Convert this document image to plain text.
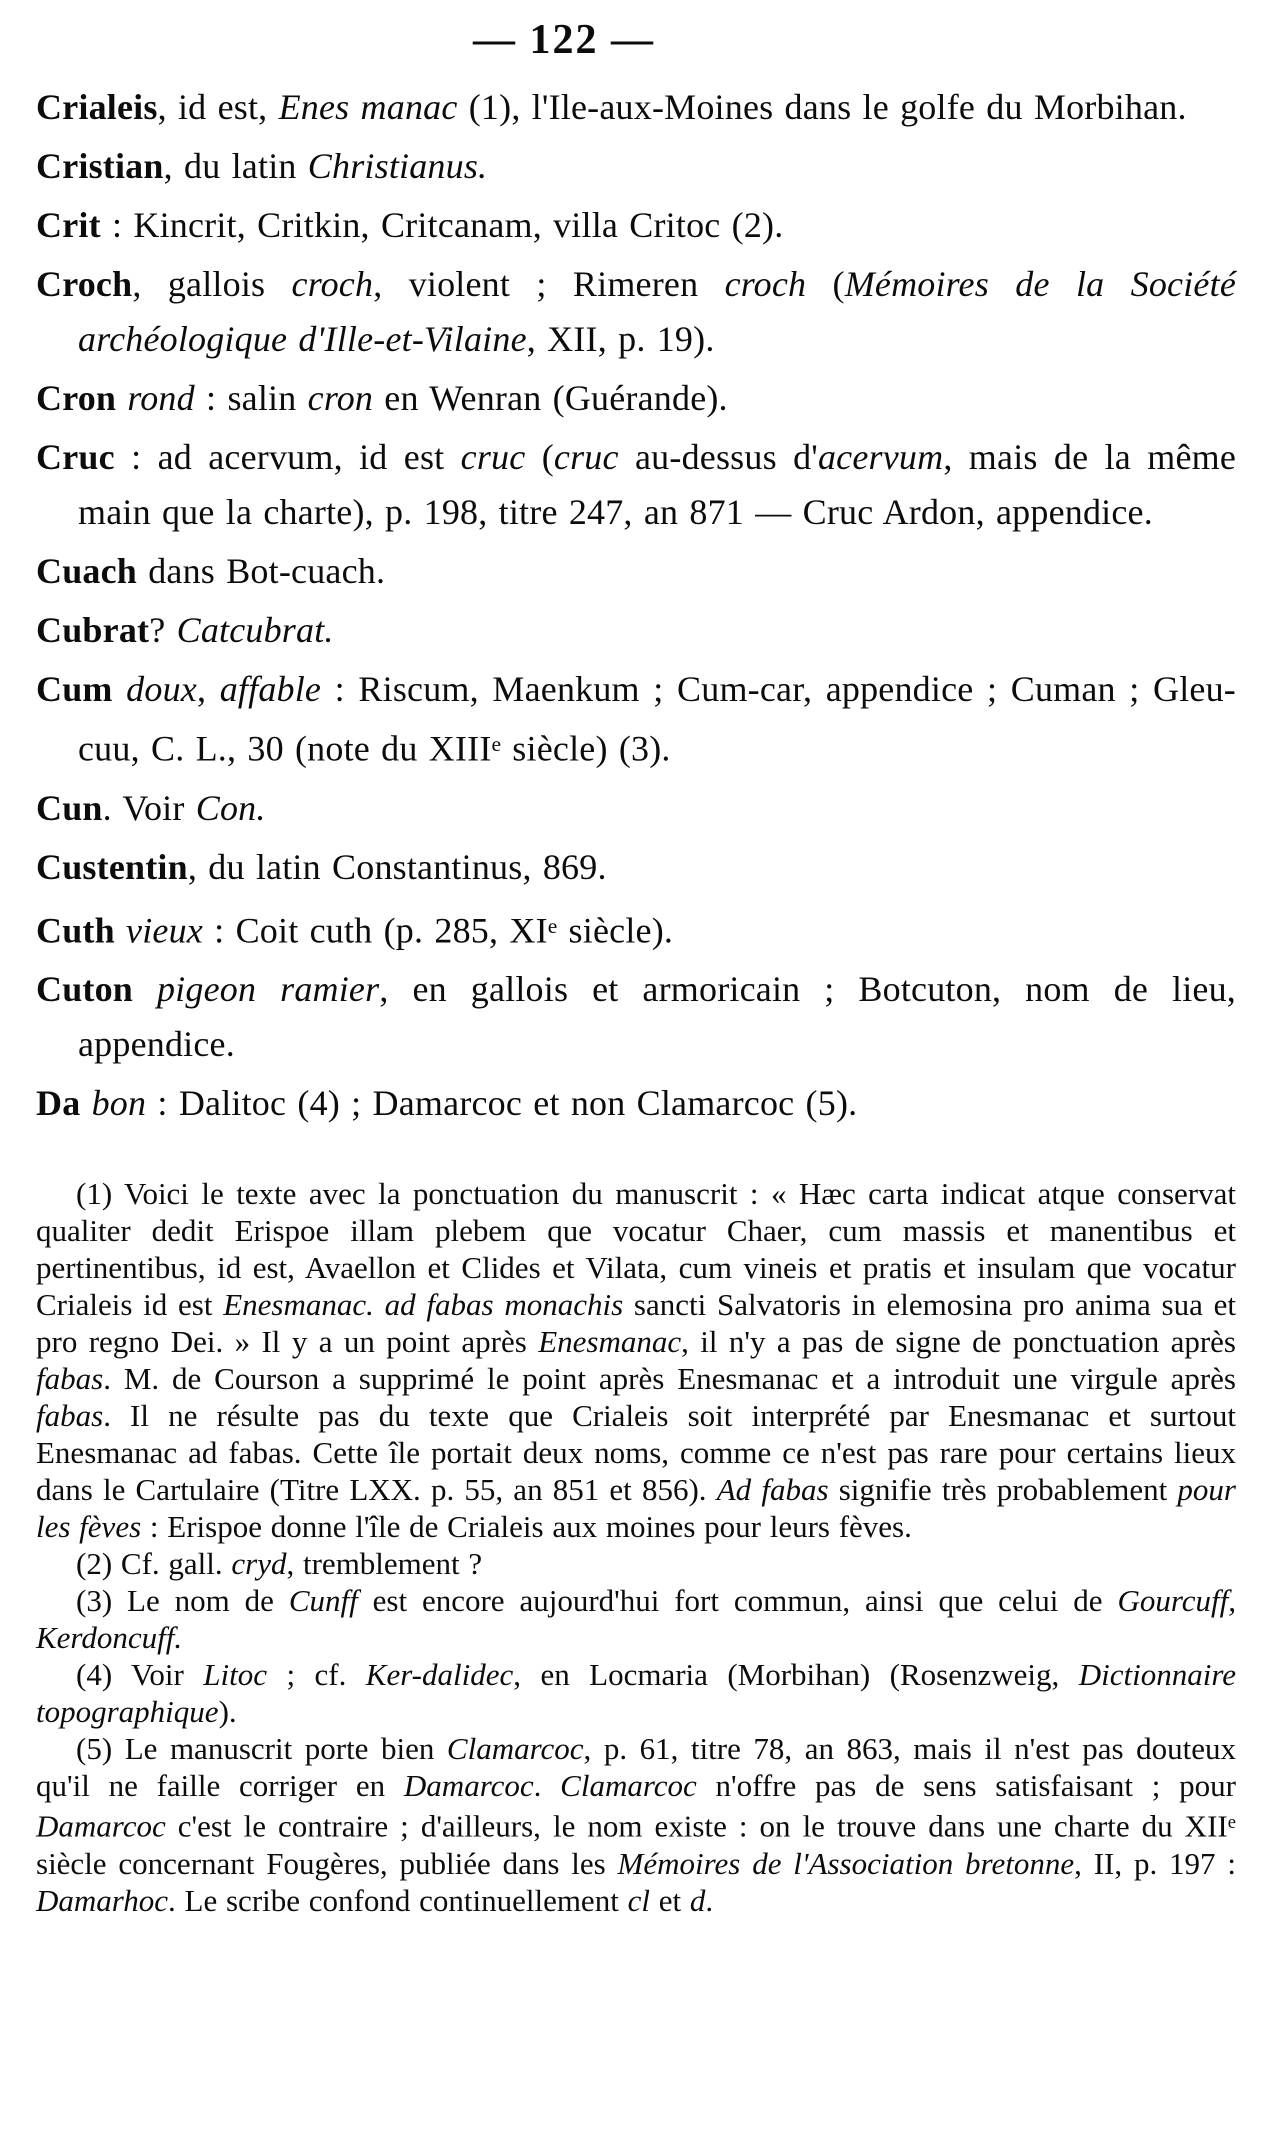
— 122 —

Crialeis, id est, Enes manac (1), l'Ile-aux-Moines dans le golfe du Morbihan.

Cristian, du latin Christianus.

Crit : Kincrit, Critkin, Critcanam, villa Critoc (2).

Croch, gallois croch, violent ; Rimeren croch (Mémoires de la Société archéologique d'Ille-et-Vilaine, XII, p. 19).

Cron rond : salin cron en Wenran (Guérande).

Cruc : ad acervum, id est cruc (cruc au-dessus d'acervum, mais de la même main que la charte), p. 198, titre 247, an 871 — Cruc Ardon, appendice.

Cuach dans Bot-cuach.

Cubrat? Catcubrat.

Cum doux, affable : Riscum, Maenkum ; Cum-car, appendice ; Cuman ; Gleu-cuu, C. L., 30 (note du XIIIe siècle) (3).

Cun. Voir Con.

Custentin, du latin Constantinus, 869.

Cuth vieux : Coit cuth (p. 285, XIe siècle).

Cuton pigeon ramier, en gallois et armoricain ; Botcuton, nom de lieu, appendice.

Da bon : Dalitoc (4) ; Damarcoc et non Clamarcoc (5).

(1) Voici le texte avec la ponctuation du manuscrit : « Hæc carta indicat atque conservat qualiter dedit Erispoe illam plebem que vocatur Chaer, cum massis et manentibus et pertinentibus, id est, Avaellon et Clides et Vilata, cum vineis et pratis et insulam que vocatur Crialeis id est Enesmanac. ad fabas monachis sancti Salvatoris in elemosina pro anima sua et pro regno Dei. » Il y a un point après Enesmanac, il n'y a pas de signe de ponctuation après fabas. M. de Courson a supprimé le point après Enesmanac et a introduit une virgule après fabas. Il ne résulte pas du texte que Crialeis soit interprété par Enesmanac et surtout Enesmanac ad fabas. Cette île portait deux noms, comme ce n'est pas rare pour certains lieux dans le Cartulaire (Titre LXX. p. 55, an 851 et 856). Ad fabas signifie très probablement pour les fèves : Erispoe donne l'île de Crialeis aux moines pour leurs fèves.

(2) Cf. gall. cryd, tremblement ?

(3) Le nom de Cunff est encore aujourd'hui fort commun, ainsi que celui de Gourcuff, Kerdoncuff.

(4) Voir Litoc ; cf. Ker-dalidec, en Locmaria (Morbihan) (Rosenzweig, Dictionnaire topographique).

(5) Le manuscrit porte bien Clamarcoc, p. 61, titre 78, an 863, mais il n'est pas douteux qu'il ne faille corriger en Damarcoc. Clamarcoc n'offre pas de sens satisfaisant ; pour Damarcoc c'est le contraire ; d'ailleurs, le nom existe : on le trouve dans une charte du XIIe siècle concernant Fougères, publiée dans les Mémoires de l'Association bretonne, II, p. 197 : Damarhoc. Le scribe confond continuellement cl et d.
